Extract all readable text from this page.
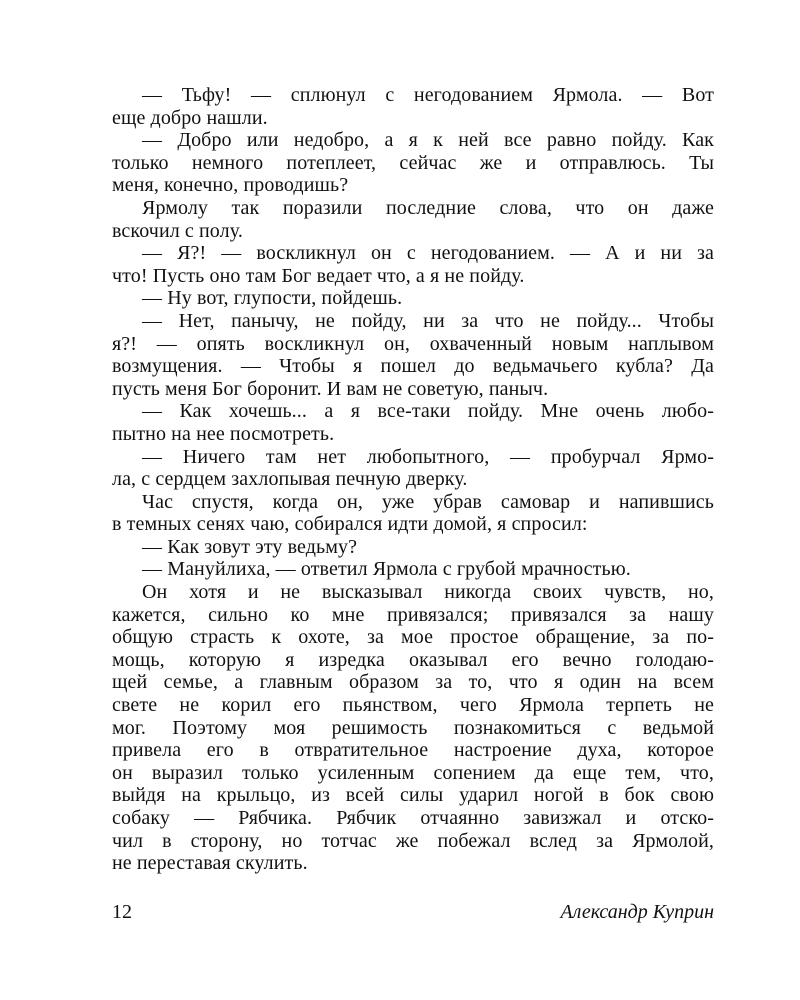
— Тьфу! — сплюнул с негодованием Ярмола. — Вот
еще добро нашли.
— Добро или недобро, а я к ней все равно пойду. Как
только немного потеплеет, сейчас же и отправлюсь. Ты
меня, конечно, проводишь?
Ярмолу так поразили последние слова, что он даже
вскочил с полу.
— Я?! — воскликнул он с негодованием. — А и ни за
что! Пусть оно там Бог ведает что, а я не пойду.
— Ну вот, глупости, пойдешь.
— Нет, панычу, не пойду, ни за что не пойду... Чтобы
я?! — опять воскликнул он, охваченный новым наплывом
возмущения. — Чтобы я пошел до ведьмачьего кубла? Да
пусть меня Бог боронит. И вам не советую, паныч.
— Как хочешь... а я все-таки пойду. Мне очень любо-
пытно на нее посмотреть.
— Ничего там нет любопытного, — пробурчал Ярмо-
ла, с сердцем захлопывая печную дверку.
Час спустя, когда он, уже убрав самовар и напившись
в темных сенях чаю, собирался идти домой, я спросил:
— Как зовут эту ведьму?
— Мануйлиха, — ответил Ярмола с грубой мрачностью.
Он хотя и не высказывал никогда своих чувств, но,
кажется, сильно ко мне привязался; привязался за нашу
общую страсть к охоте, за мое простое обращение, за по-
мощь, которую я изредка оказывал его вечно голодаю-
щей семье, а главным образом за то, что я один на всем
свете не корил его пьянством, чего Ярмола терпеть не
мог. Поэтому моя решимость познакомиться с ведьмой
привела его в отвратительное настроение духа, которое
он выразил только усиленным сопением да еще тем, что,
выйдя на крыльцо, из всей силы ударил ногой в бок свою
собаку — Рябчика. Рябчик отчаянно завизжал и отско-
чил в сторону, но тотчас же побежал вслед за Ярмолой,
не переставая скулить.
12	Александр Куприн
